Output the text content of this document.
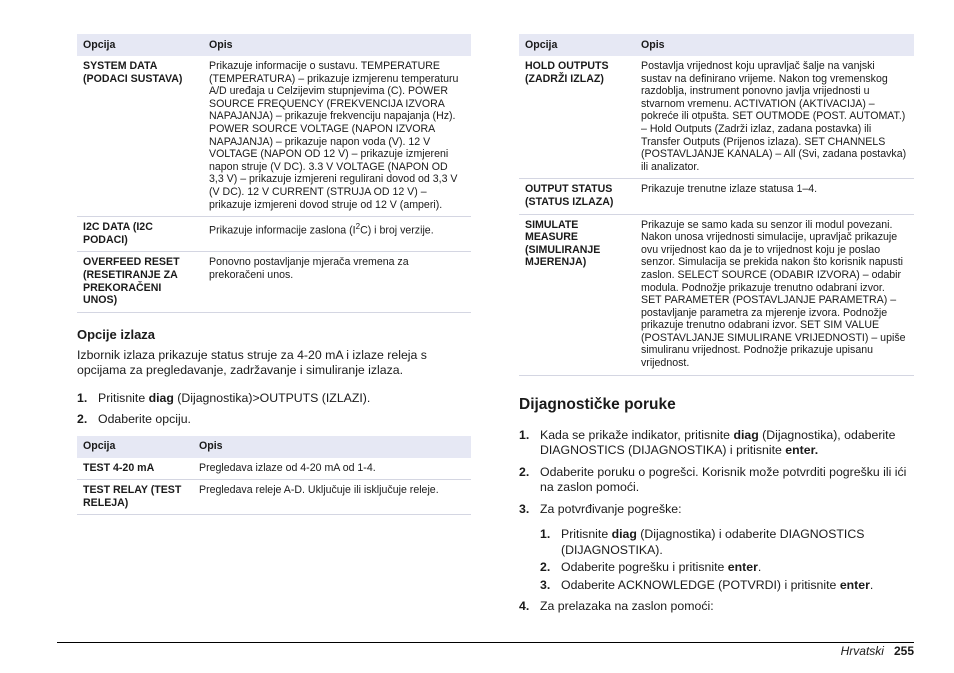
Opcija	Opis
SYSTEM DATA (PODACI SUSTAVA)	Prikazuje informacije o sustavu. TEMPERATURE (TEMPERATURA) – prikazuje izmjerenu temperaturu A/D uređaja u Celzijevim stupnjevima (C). POWER SOURCE FREQUENCY (FREKVENCIJA IZVORA NAPAJANJA) – prikazuje frekvenciju napajanja (Hz). POWER SOURCE VOLTAGE (NAPON IZVORA NAPAJANJA) – prikazuje napon voda (V). 12 V VOLTAGE (NAPON OD 12 V) – prikazuje izmjereni napon struje (V DC). 3.3 V VOLTAGE (NAPON OD 3,3 V) – prikazuje izmjereni regulirani dovod od 3,3 V (V DC). 12 V CURRENT (STRUJA OD 12 V) – prikazuje izmjereni dovod struje od 12 V (amperi).
I2C DATA (I2C PODACI)	Prikazuje informacije zaslona $(I^2C)$ i broj verzije.
OVERFEED RESET (RESETIRANJE ZA PREKORAČENI UNOS)	Ponovno postavljanje mjerača vremena za prekoračeni unos.
Opcije izlaza

Izbornik izlaza prikazuje status struje za 4-20 mA i izlaze releja s opcijama za pregledavanje, zadržavanje i simuliranje izlaza.

1. Pritisnite diag (Dijagnostika)>OUTPUTS (IZLAZI).
2. Odaberite opciju.
Opcija	Opis
TEST 4-20 mA	Pregledava izlaze od 4-20 mA od 1-4.
TEST RELAY (TEST RELEJA)	Pregledava releje A-D. Uključuje ili isključuje releje.
Opcija	Opis
HOLD OUTPUTS (ZADRŽI IZLAZ)	Postavlja vrijednost koju upravljač šalje na vanjski sustav na definirano vrijeme. Nakon tog vremenskog razdoblja, instrument ponovno javlja vrijednosti u stvarnom vremenu. ACTIVATION (AKTIVACIJA) – pokreće ili otpušta. SET OUTMODE (POST. AUTOMAT.) – Hold Outputs (Zadrži izlaz, zadana postavka) ili Transfer Outputs (Prijenos izlaza). SET CHANNELS (POSTAVLJANJE KANALA) – All (Svi, zadana postavka) ili analizator.
OUTPUT STATUS (STATUS IZLAZA)	Prikazuje trenutne izlaze statusa 1–4.
SIMULATE MEASURE (SIMULIRANJE MJERENJA)	Prikazuje se samo kada su senzor ili modul povezani. Nakon unosa vrijednosti simulacije, upravljač prikazuje ovu vrijednost kao da je to vrijednost koju je poslao senzor. Simulacija se prekida nakon što korisnik napusti zaslon. SELECT SOURCE (ODABIR IZVORA) – odabir modula. Podnožje prikazuje trenutno odabrani izvor. SET PARAMETER (POSTAVLJANJE PARAMETRA) – postavljanje parametra za mjerenje izvora. Podnožje prikazuje trenutno odabrani izvor. SET SIM VALUE (POSTAVLJANJE SIMULIRANE VRIJEDNOSTI) – upiše simuliranu vrijednost. Podnožje prikazuje upisanu vrijednost.
Dijagnostičke poruke
1. Kada se prikaže indikator, pritisnite diag (Dijagnostika), odaberite DIAGNOSTICS (DIJAGNOSTIKA) i pritisnite enter.
2. Odaberite poruku o pogrešci. Korisnik može potvrditi pogrešku ili ići na zaslon pomoći.
3. Za potvrđivanje pogreške:
1. Pritisnite diag (Dijagnostika) i odaberite DIAGNOSTICS (DIJAGNOSTIKA).
2. Odaberite pogrešku i pritisnite enter.
3. Odaberite ACKNOWLEDGE (POTVRDI) i pritisnite enter.
4. Za prelazaka na zaslon pomoći:
Hrvatski 255
